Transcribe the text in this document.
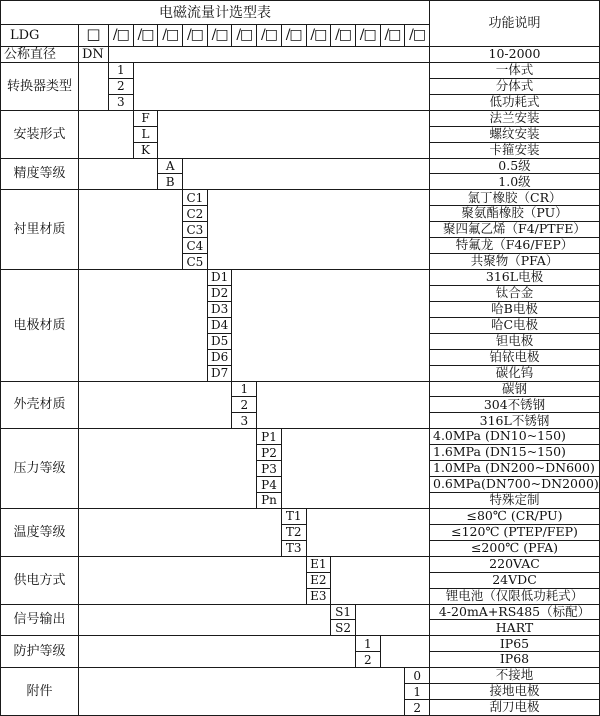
电磁流量计选型表
功能说明
LDG	□ /□ /□ /□ /□ /□ /□ /□ /□ /□ /□ /□ /□ /□
公称直径	DN	10-2000
转换器类型
1	一体式
2	分体式
3	低功耗式
安装形式
F	法兰安装
L	螺纹安装
K	卡箍安装
精度等级
A	0.5级
B	1.0级
衬里材质
C1	氯丁橡胶（CR）
C2	聚氨酯橡胶（PU）
C3	聚四氟乙烯（F4/PTFE）
C4	特氟龙（F46/FEP）
C5	共聚物（PFA）
电极材质
D1	316L电极
D2	钛合金
D3	哈B电极
D4	哈C电极
D5	钽电极
D6	铂铱电极
D7	碳化钨
外壳材质
1	碳钢
2	304不锈钢
3	316L不锈钢
压力等级
P1	4.0MPa (DN10~150)
P2	1.6MPa (DN15~150)
P3	1.0MPa (DN200~DN600)
P4	0.6MPa(DN700~DN2000)
Pn	特殊定制
温度等级
T1	≤80℃ (CR/PU)
T2	≤120℃ (PTEP/FEP)
T3	≤200℃ (PFA)
供电方式
E1	220VAC
E2	24VDC
E3	锂电池（仅限低功耗式）
信号输出
S1	4-20mA+RS485（标配）
S2	HART
防护等级
1	IP65
2	IP68
附件
0	不接地
1	接地电极
2	刮刀电极
